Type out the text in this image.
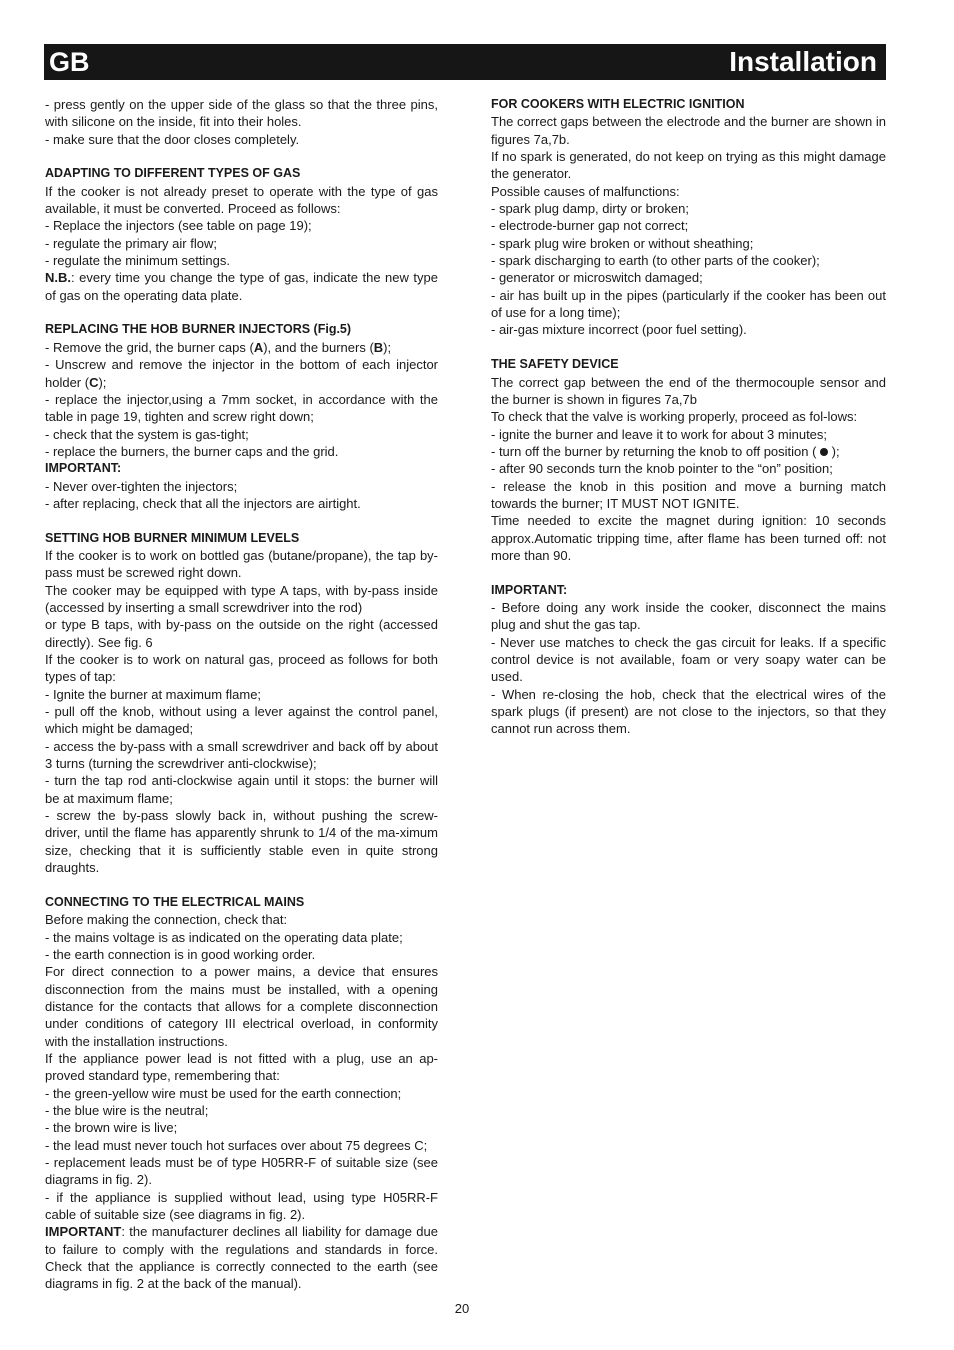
GB	Installation

- press gently on the upper side of the glass so that the three pins, with silicone on the inside, fit into their holes.

- make sure that the door closes completely.

ADAPTING TO DIFFERENT TYPES OF GAS

If the cooker is not already preset to operate with the type of gas available, it must be converted. Proceed as follows:

- Replace the injectors (see table on page 19);

- regulate the primary air flow;

- regulate the minimum settings.

N.B.: every time you change the type of gas, indicate the new type of gas on the operating data plate.

REPLACING THE HOB BURNER INJECTORS (Fig.5)

- Remove the grid, the burner caps (A), and the burners (B);

- Unscrew and remove the injector in the bottom of each injector holder (C);

- replace the injector,using a 7mm socket, in accordance with the table in page 19, tighten and screw right down;

- check that the system is gas-tight;

- replace the burners, the burner caps and the grid.

IMPORTANT:

- Never over-tighten the injectors;

- after replacing, check that all the injectors are airtight.

SETTING HOB BURNER MINIMUM LEVELS

If the cooker is to work on bottled gas (butane/propane), the tap by-pass must be screwed right down.

The cooker may be equipped with type A taps, with by-pass inside (accessed by inserting a small screwdriver into the rod)

or type B taps, with by-pass on the outside on the right (accessed directly). See fig. 6

If the cooker is to work on natural gas, proceed as follows for both types of tap:

- Ignite the burner at maximum flame;

- pull off the knob, without using a lever against the control panel, which might be damaged;

- access the by-pass with a small screwdriver and back off by about 3 turns (turning the screwdriver anti-clockwise);

- turn the tap rod anti-clockwise again until it stops: the burner will be at maximum flame;

- screw the by-pass slowly back in, without pushing the screw-driver, until the flame has apparently shrunk to 1/4 of the ma-ximum size, checking that it is sufficiently stable even in quite strong draughts.

CONNECTING TO THE ELECTRICAL MAINS

Before making the connection, check that:

- the mains voltage is as indicated on the operating data plate;

- the earth connection is in good working order.

For direct connection to a power mains, a device that ensures disconnection from the mains must be installed, with a opening distance for the contacts that allows for a complete disconnection under conditions of category III electrical overload, in conformity with the installation instructions.

If the appliance power lead is not fitted with a plug, use an ap-proved standard type, remembering that:

- the green-yellow wire must be used for the earth connection;

- the blue wire is the neutral;

- the brown wire is live;

- the lead must never touch hot surfaces over about 75 degrees C;

- replacement leads must be of type H05RR-F of suitable size (see diagrams in fig. 2).

- if the appliance is supplied without lead, using type H05RR-F cable of suitable size (see diagrams in fig. 2).

IMPORTANT: the manufacturer declines all liability for damage due to failure to comply with the regulations and standards in force. Check that the appliance is correctly connected to the earth (see diagrams in fig. 2 at the back of the manual).

FOR COOKERS WITH ELECTRIC IGNITION

The correct gaps between the electrode and the burner are shown in figures 7a,7b.

If no spark is generated, do not keep on trying as this might damage the generator.

Possible causes of malfunctions:

- spark plug damp, dirty or broken;

- electrode-burner gap not correct;

- spark plug wire broken or without sheathing;

- spark discharging to earth (to other parts of the cooker);

- generator or microswitch damaged;

- air has built up in the pipes (particularly if the cooker has been out of use for a long time);

- air-gas mixture incorrect (poor fuel setting).

THE SAFETY DEVICE

The correct gap between the end of the thermocouple sensor and the burner is shown in figures 7a,7b

To check that the valve is working properly, proceed as fol-lows:

- ignite the burner and leave it to work for about 3 minutes;

- turn off the burner by returning the knob to off position (  );

- after 90 seconds turn the knob pointer to the “on” position;

- release the knob in this position and move a burning match towards the burner; IT MUST NOT IGNITE.

Time needed to excite the magnet during ignition: 10 seconds approx.Automatic tripping time, after flame has been turned off: not more than 90.

IMPORTANT:

- Before doing any work inside the cooker, disconnect the mains plug and shut the gas tap.

- Never use matches to check the gas circuit for leaks. If a specific control device is not available, foam or very soapy water can be used.

- When re-closing the hob, check that the electrical wires of the spark plugs (if present) are not close to the injectors, so that they cannot run across them.

20
